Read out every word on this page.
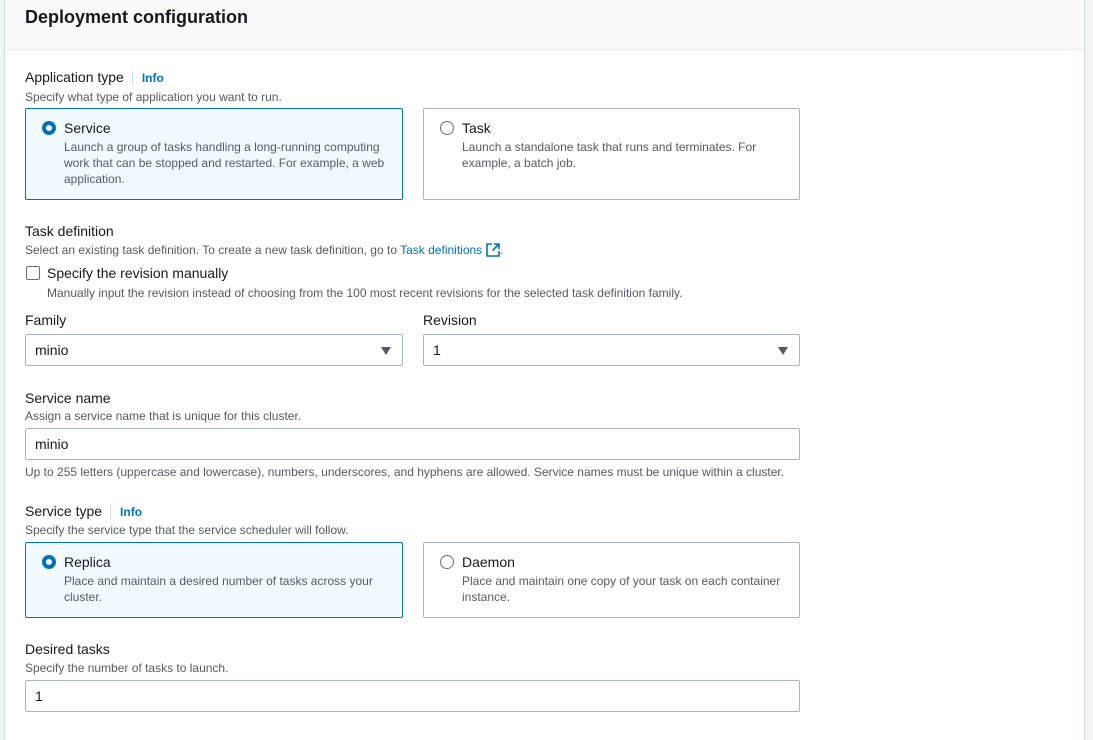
Deployment configuration
Application type Info
Specify what type of application you want to run.
Service
Launch a group of tasks handling a long-running computing work that can be stopped and restarted. For example, a web application.
Task
Launch a standalone task that runs and terminates. For example, a batch job.
Task definition
Select an existing task definition. To create a new task definition, go to Task definitions .
Specify the revision manually
Manually input the revision instead of choosing from the 100 most recent revisions for the selected task definition family.
Family
minio
Revision
1
Service name
Assign a service name that is unique for this cluster.
minio
Up to 255 letters (uppercase and lowercase), numbers, underscores, and hyphens are allowed. Service names must be unique within a cluster.
Service type Info
Specify the service type that the service scheduler will follow.
Replica
Place and maintain a desired number of tasks across your cluster.
Daemon
Place and maintain one copy of your task on each container instance.
Desired tasks
Specify the number of tasks to launch.
1
